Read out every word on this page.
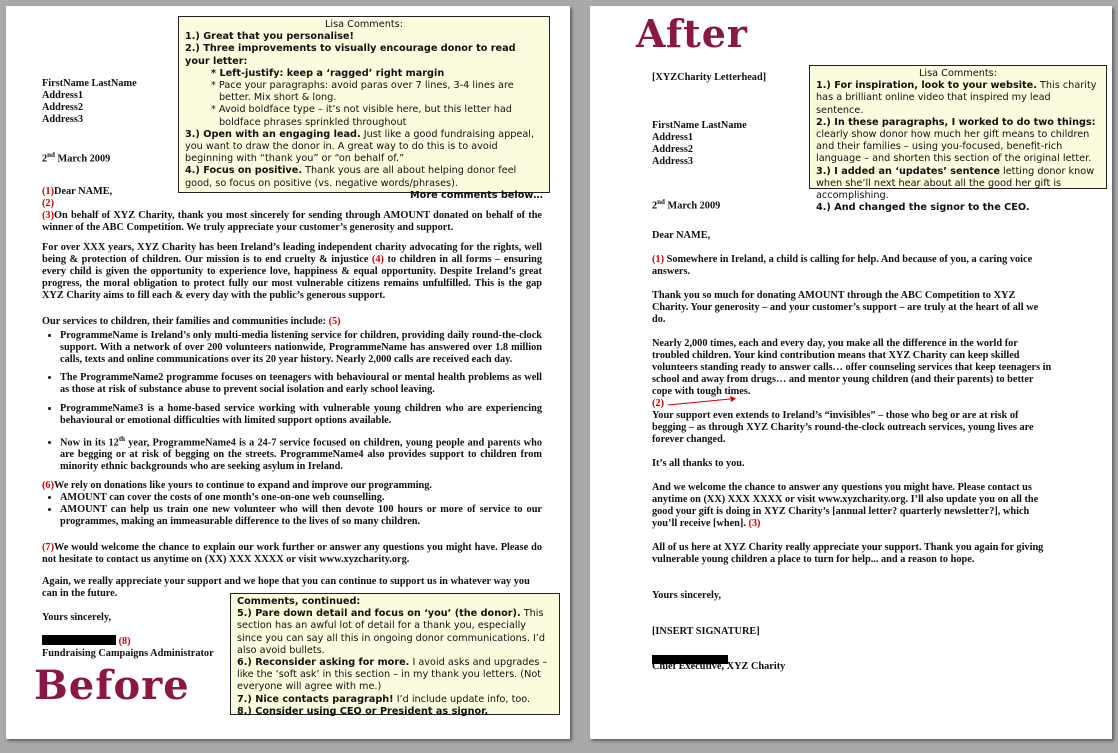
FirstName LastName
Address1
Address2
Address3
2nd March 2009

Lisa Comments:

1.) Great that you personalise!

2.) Three improvements to visually encourage donor to read your letter:

* Left-justify: keep a ‘ragged’ right margin

* Pace your paragraphs: avoid paras over 7 lines, 3-4 lines are better. Mix short & long.

* Avoid boldface type – it’s not visible here, but this letter had boldface phrases sprinkled throughout

3.) Open with an engaging lead. Just like a good fundraising appeal, you want to draw the donor in. A great way to do this is to avoid beginning with “thank you” or “on behalf of.”

4.) Focus on positive. Thank yous are all about helping donor feel good, so focus on positive (vs. negative words/phrases).

More comments below…

(1)Dear NAME,
(2)
(3)On behalf of XYZ Charity, thank you most sincerely for sending through AMOUNT donated on behalf of the winner of the ABC Competition. We truly appreciate your customer’s generosity and support.
For over XXX years, XYZ Charity has been Ireland’s leading independent charity advocating for the rights, well being & protection of children. Our mission is to end cruelty & injustice (4) to children in all forms – ensuring every child is given the opportunity to experience love, happiness & equal opportunity. Despite Ireland’s great progress, the moral obligation to protect fully our most vulnerable citizens remains unfulfilled. This is the gap XYZ Charity aims to fill each & every day with the public’s generous support.
Our services to children, their families and communities include: (5)
• ProgrammeName is Ireland’s only multi-media listening service for children, providing daily round-the-clock support. With a network of over 200 volunteers nationwide, ProgrammeName has answered over 1.8 million calls, texts and online communications over its 20 year history. Nearly 2,000 calls are received each day.
• The ProgrammeName2 programme focuses on teenagers with behavioural or mental health problems as well as those at risk of substance abuse to prevent social isolation and early school leaving.
• ProgrammeName3 is a home-based service working with vulnerable young children who are experiencing behavioural or emotional difficulties with limited support options available.
• Now in its 12th year, ProgrammeName4 is a 24-7 service focused on children, young people and parents who are begging or at risk of begging on the streets. ProgrammeName4 also provides support to children from minority ethnic backgrounds who are seeking asylum in Ireland.
(6)We rely on donations like yours to continue to expand and improve our programming.
• AMOUNT can cover the costs of one month’s one-on-one web counselling.
• AMOUNT can help us train one new volunteer who will then devote 100 hours or more of service to our programmes, making an immeasurable difference to the lives of so many children.
(7)We would welcome the chance to explain our work further or answer any questions you might have. Please do not hesitate to contact us anytime on (XX) XXX XXXX or visit www.xyzcharity.org.
Again, we really appreciate your support and we hope that you can continue to support us in whatever way you can in the future.
Yours sincerely,
(8)
Fundraising Campaigns Administrator
Before

Comments, continued:

5.) Pare down detail and focus on ‘you’ (the donor). This section has an awful lot of detail for a thank you, especially since you can say all this in ongoing donor communications. I’d also avoid bullets.

6.) Reconsider asking for more. I avoid asks and upgrades – like the ‘soft ask’ in this section – in my thank you letters. (Not everyone will agree with me.)

7.) Nice contacts paragraph! I’d include update info, too.

8.) Consider using CEO or President as signor.

After
[XYZCharity Letterhead]
FirstName LastName
Address1
Address2
Address3

Lisa Comments:

1.) For inspiration, look to your website. This charity has a brilliant online video that inspired my lead sentence.

2.) In these paragraphs, I worked to do two things: clearly show donor how much her gift means to children and their families – using you-focused, benefit-rich language – and shorten this section of the original letter.

3.) I added an ‘updates’ sentence letting donor know when she’ll next hear about all the good her gift is accomplishing.

4.) And changed the signor to the CEO.

2nd March 2009
Dear NAME,
(1) Somewhere in Ireland, a child is calling for help. And because of you, a caring voice answers.
Thank you so much for donating AMOUNT through the ABC Competition to XYZ Charity. Your generosity – and your customer’s support – are truly at the heart of all we do.
Nearly 2,000 times, each and every day, you make all the difference in the world for troubled children. Your kind contribution means that XYZ Charity can keep skilled volunteers standing ready to answer calls… offer counseling services that keep teenagers in school and away from drugs… and mentor young children (and their parents) to better cope with tough times.
(2)
Your support even extends to Ireland’s “invisibles” – those who beg or are at risk of begging – as through XYZ Charity’s round-the-clock outreach services, young lives are forever changed.
It’s all thanks to you.
And we welcome the chance to answer any questions you might have. Please contact us anytime on (XX) XXX XXXX or visit www.xyzcharity.org. I’ll also update you on all the good your gift is doing in XYZ Charity’s [annual letter? quarterly newsletter?], which you’ll receive [when]. (3)
All of us here at XYZ Charity really appreciate your support. Thank you again for giving vulnerable young children a place to turn for help... and a reason to hope.
Yours sincerely,
[INSERT SIGNATURE]
Chief Executive, XYZ Charity
